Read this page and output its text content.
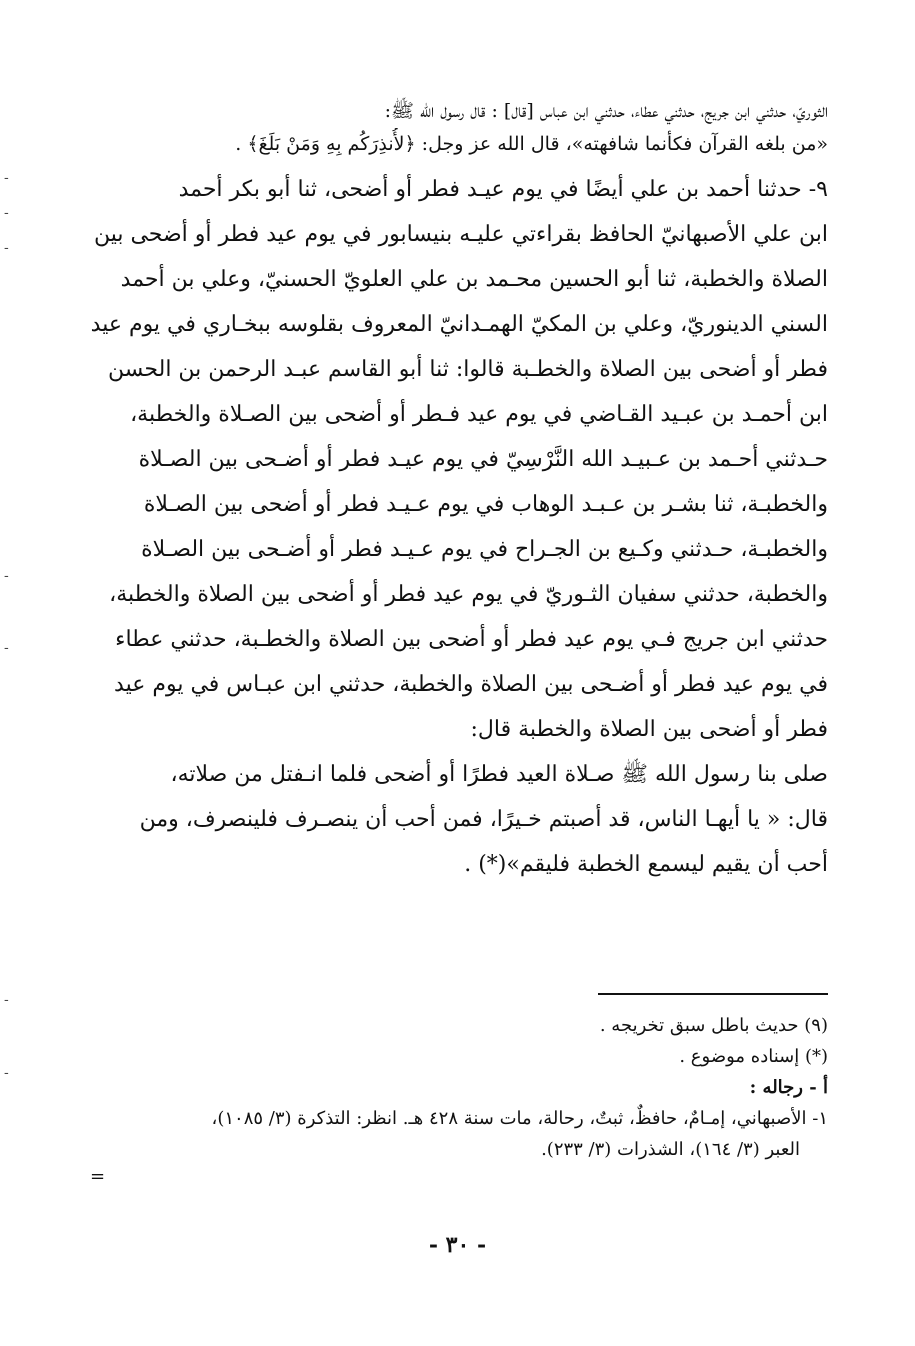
الثوريّ، حدثني ابن جريج، حدثني عطاء، حدثني ابن عباس [قال] : قال رسول الله ﷺ:
«من بلغه القرآن فكأنما شافهته»، قال الله عز وجل: ﴿لأُنذِرَكُم بِهِ وَمَنْ بَلَغَ﴾ .
٩- حدثنا أحمد بن علي أيضًا في يوم عيـد فطر أو أضحى، ثنا أبو بكر أحمد
ابن علي الأصبهانيّ الحافظ بقراءتي عليـه بنيسابور في يوم عيد فطر أو أضحى بين
الصلاة والخطبة، ثنا أبو الحسين محـمد بن علي العلويّ الحسنيّ، وعلي بن أحمد
السني الدينوريّ، وعلي بن المكيّ الهمـدانيّ المعروف بقلوسه ببخـاري في يوم عيد
فطر أو أضحى بين الصلاة والخطـبة قالوا: ثنا أبو القاسم عبـد الرحمن بن الحسن
ابن أحمـد بن عبـيد القـاضي في يوم عيد فـطر أو أضحى بين الصـلاة والخطبة،
حـدثني أحـمد بن عـبيـد الله النَّرْسِيّ في يوم عيـد فطر أو أضـحى بين الصـلاة
والخطبـة، ثنا بشـر بن عـبـد الوهاب في يوم عـيـد فطر أو أضحى بين الصـلاة
والخطبـة، حـدثني وكـيع بن الجـراح في يوم عـيـد فطر أو أضـحى بين الصـلاة
والخطبة، حدثني سفيان الثـوريّ في يوم عيد فطر أو أضحى بين الصلاة والخطبة،
حدثني ابن جريج فـي يوم عيد فطر أو أضحى بين الصلاة والخطـبة، حدثني عطاء
في يوم عيد فطر أو أضـحى بين الصلاة والخطبة، حدثني ابن عبـاس في يوم عيد
فطر أو أضحى بين الصلاة والخطبة قال:
صلى بنا رسول الله ﷺ صـلاة العيد فطرًا أو أضحى فلما انـفتل من صلاته،
قال: « يا أيهـا الناس، قد أصبتم خـيرًا، فمن أحب أن ينصـرف فلينصرف، ومن
أحب أن يقيم ليسمع الخطبة فليقم»(*) .
(٩) حديث باطل سبق تخريجه .
(*) إسناده موضوع .
أ - رجاله :
١- الأصبهاني، إمـامٌ، حافظٌ، ثبتٌ، رحالة، مات سنة ٤٢٨ هـ. انظر: التذكرة (٣/ ١٠٨٥)،
العبر (٣/ ١٦٤)، الشذرات (٣/ ٢٣٣).
=
- ٣٠ -
-
-
-
-
-
-
-
